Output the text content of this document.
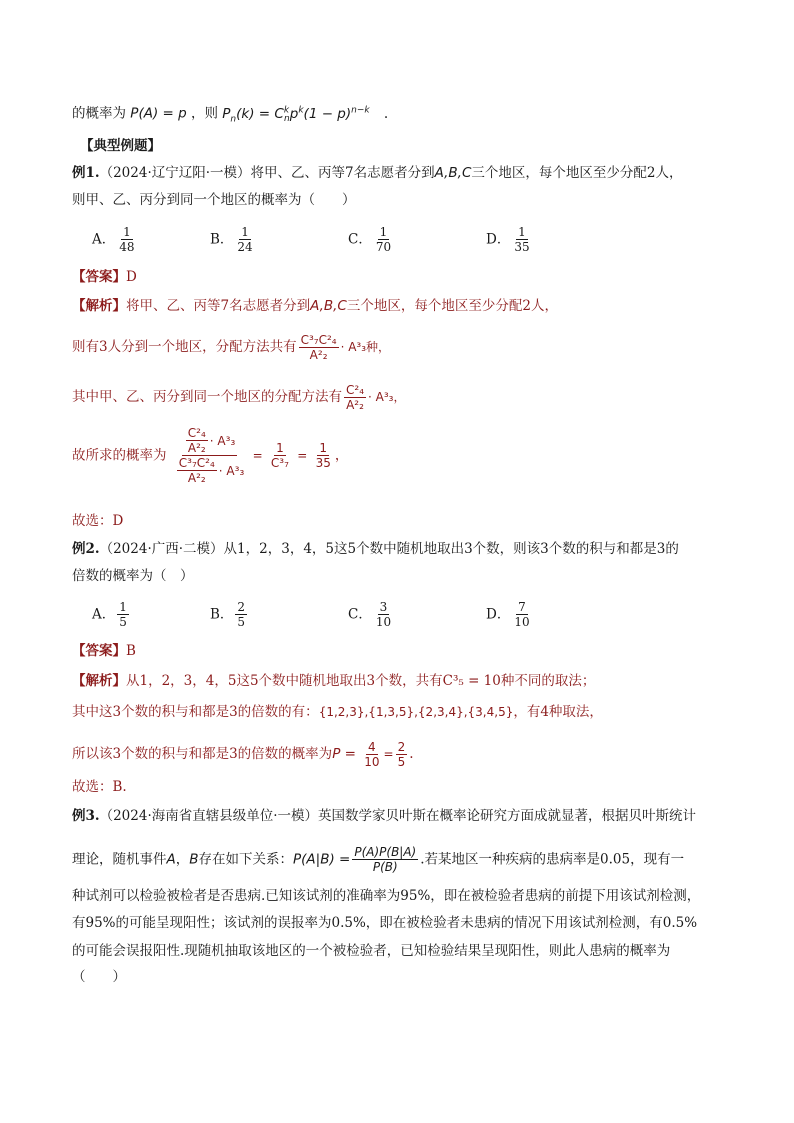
的概率为 P(A) = p ，则 $P_n(k) = C^k_np^k(1 - p)^{n-k}$ .
【典型例题】
例1.（2024·辽宁辽阳·一模）将甲、乙、丙等7名志愿者分到A,B,C三个地区，每个地区至少分配2人，
则甲、乙、丙分到同一个地区的概率为（　　）
A． $\frac{1}{48}$	B． $\frac{1}{24}$	C． $\frac{1}{70}$	D． $\frac{1}{35}$
【答案】D
【解析】将甲、乙、丙等7名志愿者分到A,B,C三个地区，每个地区至少分配2人，
则有3人分到一个地区，分配方法共有 $\frac{\text{C³₇C²₄}}{\text{A²₂}} \cdot A^3_3$种，
其中甲、乙、丙分到同一个地区的分配方法有 $\frac{\text{C²₄}}{\text{A²₂}} \cdot A^3_3$，
故所求的概率为 $\frac{\frac{\text{C²₄}}{\text{A²₂}} \cdot A^3_3}{\frac{\text{C³₇C²₄}}{\text{A²₂}} \cdot A^3_3} = \frac{1}{\text{C³₇}} = \frac{1}{35}$ ，
故选：D
例2.（2024·广西·二模）从1，2，3，4，5这5个数中随机地取出3个数，则该3个数的积与和都是3的
倍数的概率为（　）
A． $\frac{1}{5}$	B． $\frac{2}{5}$	C． $\frac{3}{10}$	D． $\frac{7}{10}$
【答案】B
【解析】从1，2，3，4，5这5个数中随机地取出3个数，共有C³₅ = 10种不同的取法；
其中这3个数的积与和都是3的倍数的有：{1,2,3},{1,3,5},{2,3,4},{3,4,5}，有4种取法，
所以该3个数的积与和都是3的倍数的概率为$P = \frac{4}{10} = \frac{2}{5}$ .
故选：B.
例3.（2024·海南省直辖县级单位·一模）英国数学家贝叶斯在概率论研究方面成就显著，根据贝叶斯统计
理论，随机事件A，B存在如下关系：$P(A|B) = \frac{P(A)P(B|A)}{P(B)}$ .若某地区一种疾病的患病率是0.05，现有一
种试剂可以检验被检者是否患病.已知该试剂的准确率为95%，即在被检验者患病的前提下用该试剂检测，
有95%的可能呈现阳性；该试剂的误报率为0.5%，即在被检验者未患病的情况下用该试剂检测，有0.5%
的可能会误报阳性.现随机抽取该地区的一个被检验者，已知检验结果呈现阳性，则此人患病的概率为
（　　）
